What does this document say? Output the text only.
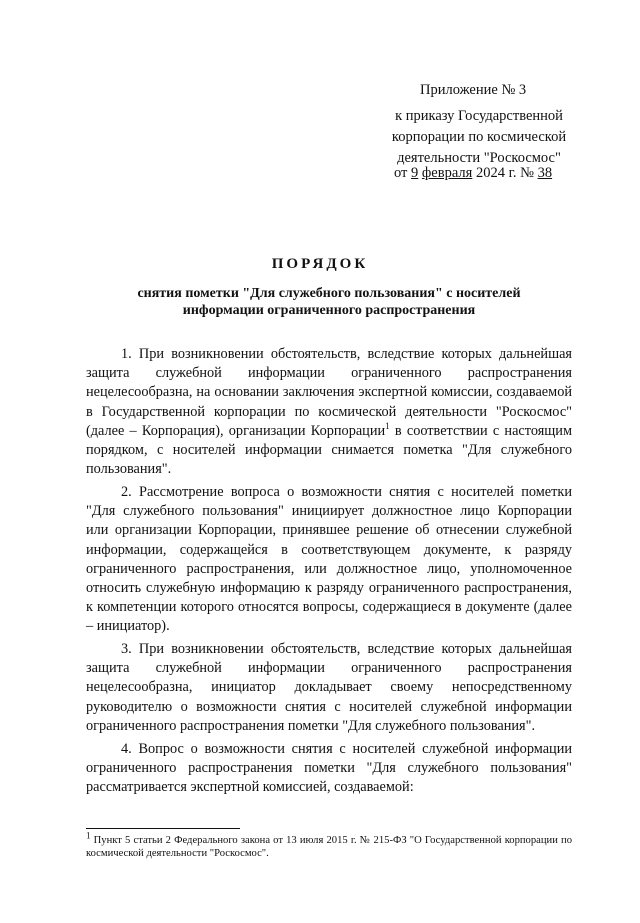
Приложение № 3
к приказу Государственной
корпорации по космической
деятельности "Роскосмос"
от 9 февраля 2024 г. № 38
ПОРЯДОК
снятия пометки "Для служебного пользования" с носителей
информации ограниченного распространения

1. При возникновении обстоятельств, вследствие которых дальнейшая защита служебной информации ограниченного распространения нецелесообразна, на основании заключения экспертной комиссии, создаваемой в Государственной корпорации по космической деятельности "Роскосмос" (далее – Корпорация), организации Корпорации$^1$ в соответствии с настоящим порядком, с носителей информации снимается пометка "Для служебного пользования".

2. Рассмотрение вопроса о возможности снятия с носителей пометки "Для служебного пользования" инициирует должностное лицо Корпорации или организации Корпорации, принявшее решение об отнесении служебной информации, содержащейся в соответствующем документе, к разряду ограниченного распространения, или должностное лицо, уполномоченное относить служебную информацию к разряду ограниченного распространения, к компетенции которого относятся вопросы, содержащиеся в документе (далее – инициатор).

3. При возникновении обстоятельств, вследствие которых дальнейшая защита служебной информации ограниченного распространения нецелесообразна, инициатор докладывает своему непосредственному руководителю о возможности снятия с носителей служебной информации ограниченного распространения пометки "Для служебного пользования".

4. Вопрос о возможности снятия с носителей служебной информации ограниченного распространения пометки "Для служебного пользования" рассматривается экспертной комиссией, создаваемой:

$^1$ Пункт 5 статьи 2 Федерального закона от 13 июля 2015 г. № 215-ФЗ "О Государственной корпорации по космической деятельности "Роскосмос".
